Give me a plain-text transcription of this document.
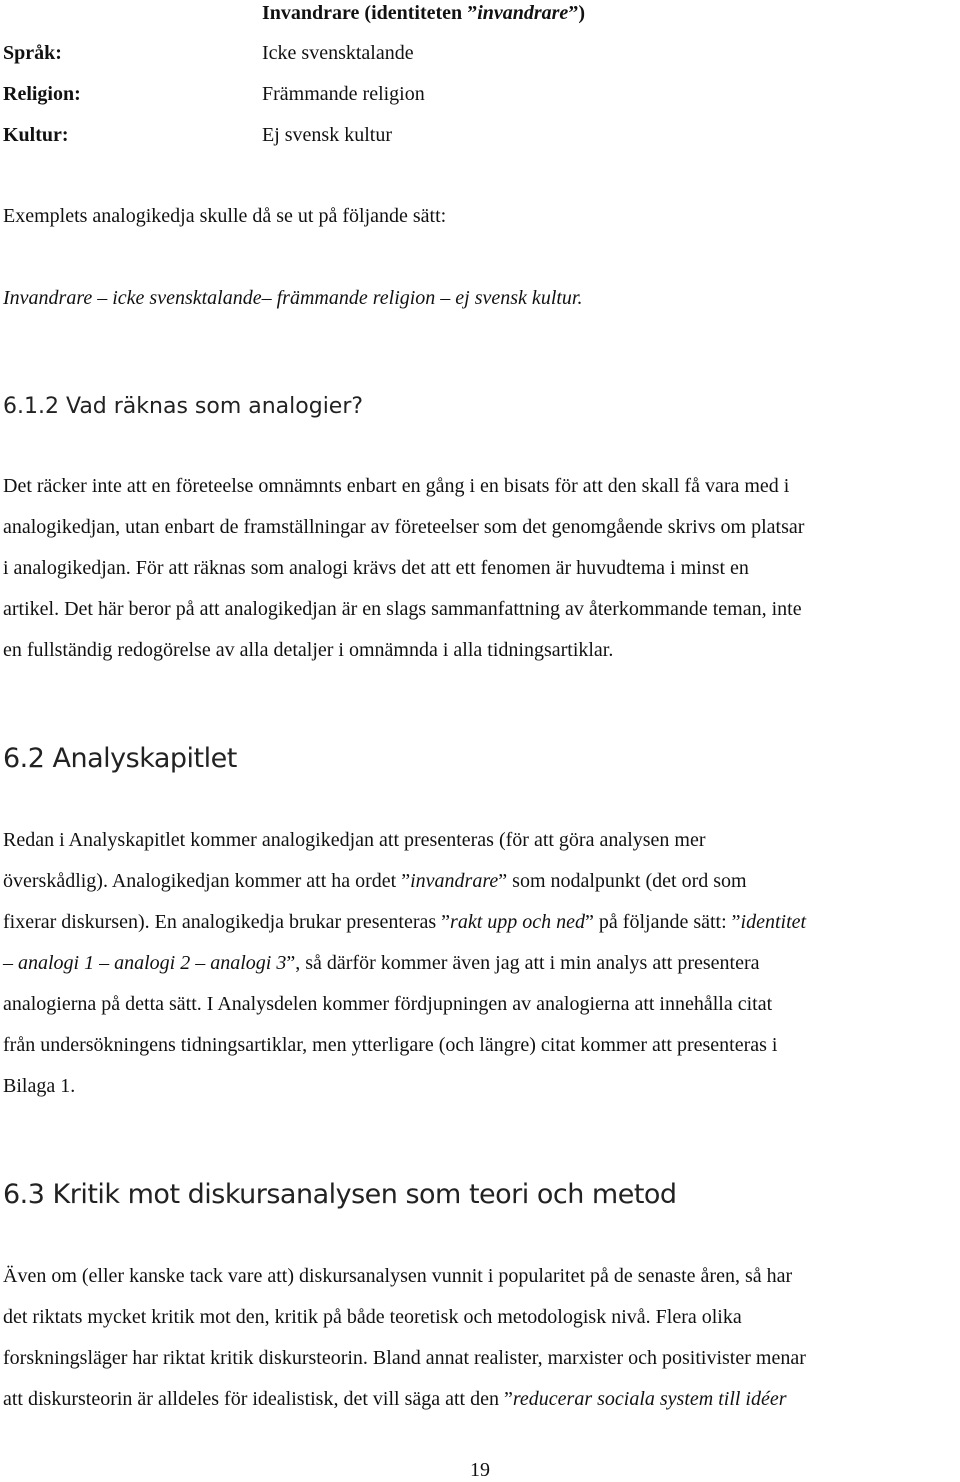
Invandrare (identiteten ”invandrare”)
Språk:	Icke svensktalande
Religion:	Främmande religion
Kultur:	Ej svensk kultur
Exemplets analogikedja skulle då se ut på följande sätt:
Invandrare – icke svensktalande– främmande religion – ej svensk kultur.
6.1.2 Vad räknas som analogier?
Det räcker inte att en företeelse omnämnts enbart en gång i en bisats för att den skall få vara med i
analogikedjan, utan enbart de framställningar av företeelser som det genomgående skrivs om platsar
i analogikedjan. För att räknas som analogi krävs det att ett fenomen är huvudtema i minst en
artikel. Det här beror på att analogikedjan är en slags sammanfattning av återkommande teman, inte
en fullständig redogörelse av alla detaljer i omnämnda i alla tidningsartiklar.
6.2 Analyskapitlet
Redan i Analyskapitlet kommer analogikedjan att presenteras (för att göra analysen mer
överskådlig). Analogikedjan kommer att ha ordet ”invandrare” som nodalpunkt (det ord som
fixerar diskursen). En analogikedja brukar presenteras ”rakt upp och ned” på följande sätt: ”identitet
– analogi 1 – analogi 2 – analogi 3”, så därför kommer även jag att i min analys att presentera
analogierna på detta sätt. I Analysdelen kommer fördjupningen av analogierna att innehålla citat
från undersökningens tidningsartiklar, men ytterligare (och längre) citat kommer att presenteras i
Bilaga 1.
6.3 Kritik mot diskursanalysen som teori och metod
Även om (eller kanske tack vare att) diskursanalysen vunnit i popularitet på de senaste åren, så har
det riktats mycket kritik mot den, kritik på både teoretisk och metodologisk nivå. Flera olika
forskningsläger har riktat kritik diskursteorin. Bland annat realister, marxister och positivister menar
att diskursteorin är alldeles för idealistisk, det vill säga att den ”reducerar sociala system till idéer
19
